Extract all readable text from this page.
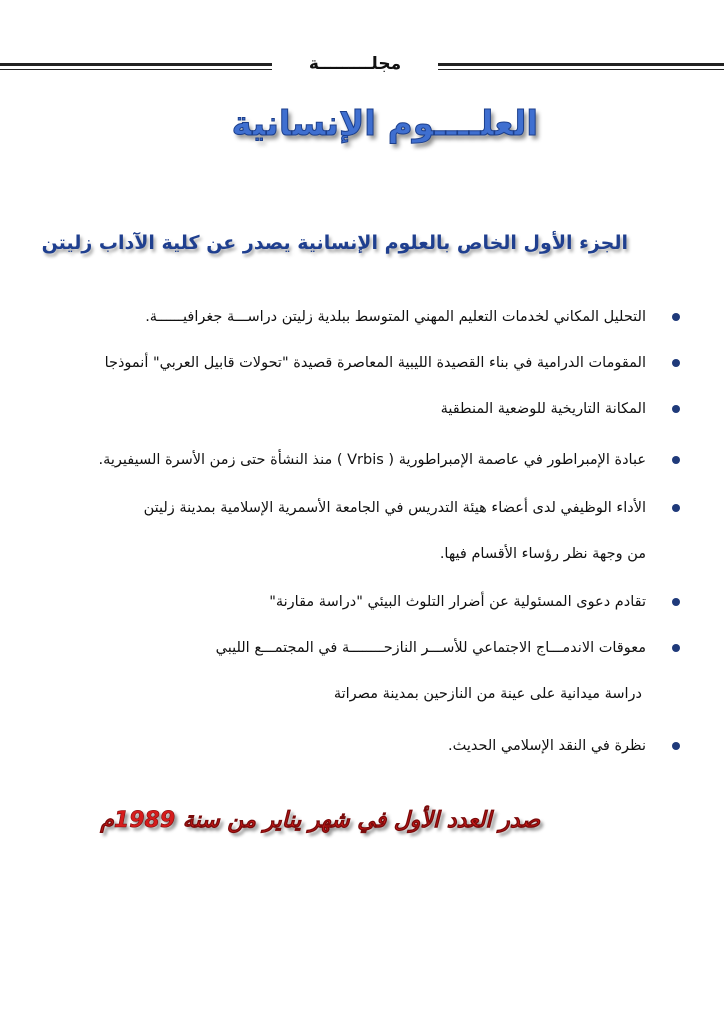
مجلـــــــــة
العلــــوم الإنسانية
الجزء الأول الخاص بالعلوم الإنسانية يصدر عن كلية الآداب زليتن
التحليل المكاني لخدمات التعليم المهني المتوسط ببلدية زليتن دراســـة جغرافيــــــة.
المقومات الدرامية في بناء القصيدة الليبية المعاصرة قصيدة "تحولات قابيل العربي" أنموذجا
المكانة التاريخية للوضعية المنطقية
عبادة الإمبراطور في عاصمة الإمبراطورية ( Vrbis ) منذ النشأة حتى زمن الأسرة السيفيرية.
الأداء الوظيفي لدى أعضاء هيئة التدريس في الجامعة الأسمرية الإسلامية بمدينة زليتن
من وجهة نظر رؤساء الأقسام فيها.
تقادم دعوى المسئولية عن أضرار التلوث البيئي "دراسة مقارنة"
معوقات الاندمـــاج الاجتماعي للأســـر النازحــــــــة في المجتمـــع الليبي
دراسة ميدانية على عينة من النازحين بمدينة مصراتة
نظرة في النقد الإسلامي الحديث.
صدر العدد الأول في شهر يناير من سنة 1989م
